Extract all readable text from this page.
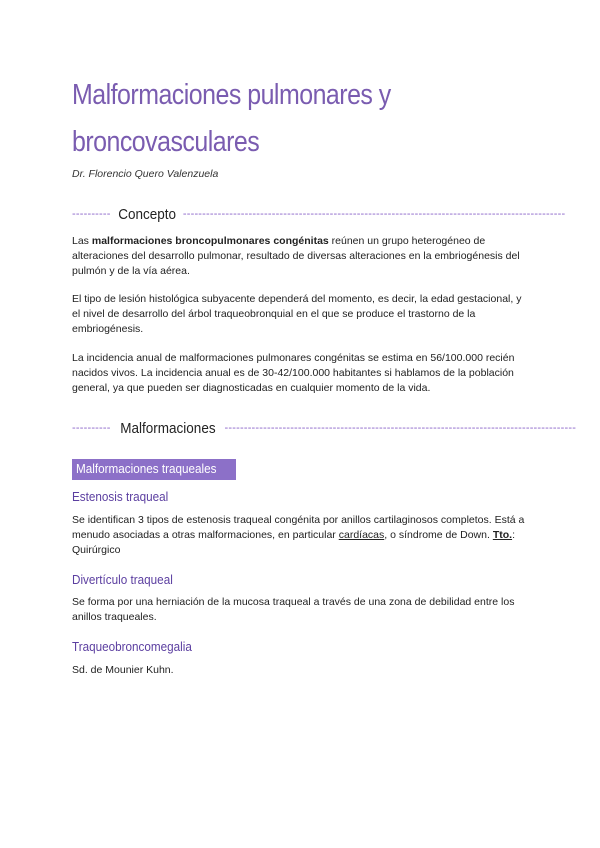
Malformaciones pulmonares y broncovasculares
Dr. Florencio Quero Valenzuela
---------- Concepto ---------------------------------------------------------------------------------------------------

Las malformaciones broncopulmonares congénitas reúnen un grupo heterogéneo de alteraciones del desarrollo pulmonar, resultado de diversas alteraciones en la embriogénesis del pulmón y de la vía aérea.

El tipo de lesión histológica subyacente dependerá del momento, es decir, la edad gestacional, y el nivel de desarrollo del árbol traqueobronquial en el que se produce el trastorno de la embriogénesis.

La incidencia anual de malformaciones pulmonares congénitas se estima en 56/100.000 recién nacidos vivos. La incidencia anual es de 30-42/100.000 habitantes si hablamos de la población general, ya que pueden ser diagnosticadas en cualquier momento de la vida.

---------- Malformaciones -------------------------------------------------------------------------------------------
Malformaciones traqueales
Estenosis traqueal

Se identifican 3 tipos de estenosis traqueal congénita por anillos cartilaginosos completos. Está a menudo asociadas a otras malformaciones, en particular cardíacas, o síndrome de Down. Tto.: Quirúrgico

Divertículo traqueal

Se forma por una herniación de la mucosa traqueal a través de una zona de debilidad entre los anillos traqueales.

Traqueobroncomegalia

Sd. de Mounier Kuhn.
